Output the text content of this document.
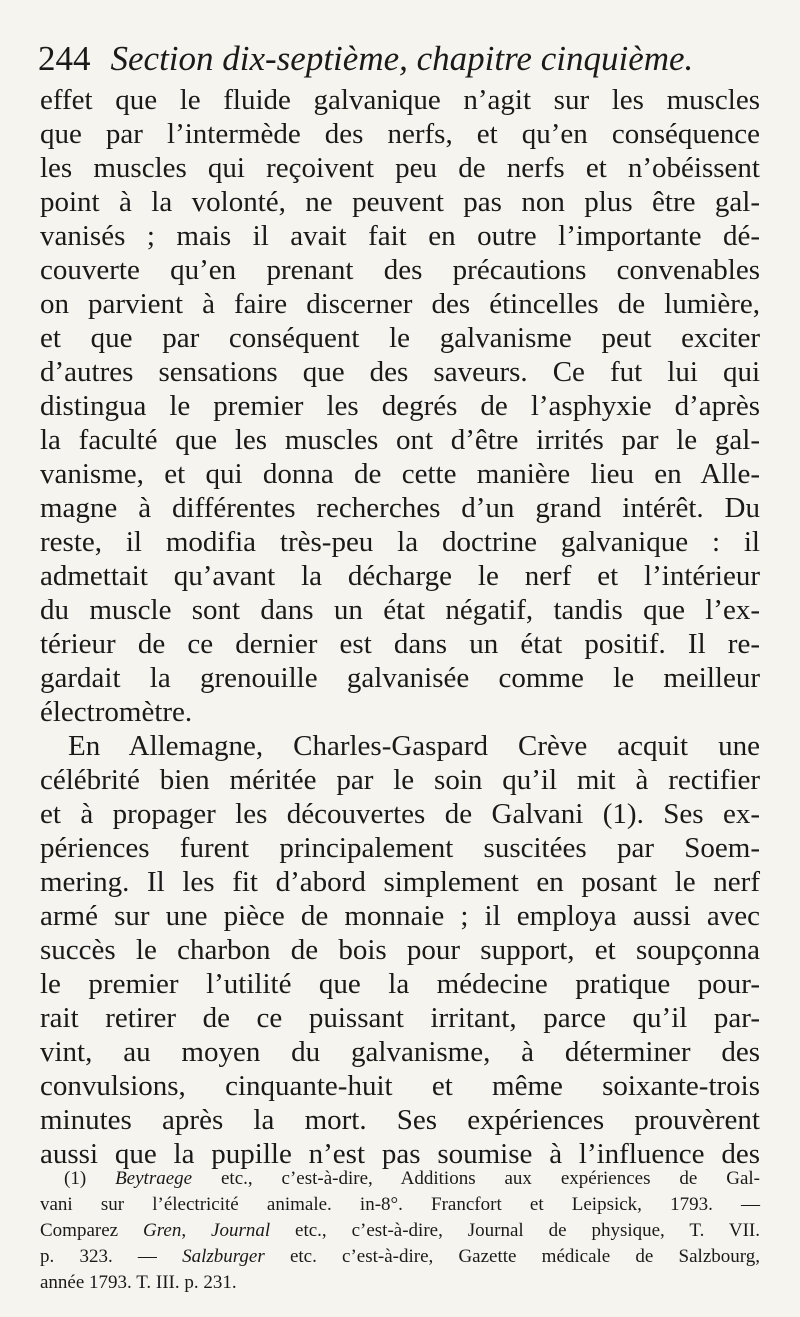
244 Section dix-septième, chapitre cinquième.
effet que le fluide galvanique n’agit sur les muscles
que par l’intermède des nerfs, et qu’en conséquence
les muscles qui reçoivent peu de nerfs et n’obéissent
point à la volonté, ne peuvent pas non plus être gal-
vanisés ; mais il avait fait en outre l’importante dé-
couverte qu’en prenant des précautions convenables
on parvient à faire discerner des étincelles de lumière,
et que par conséquent le galvanisme peut exciter
d’autres sensations que des saveurs. Ce fut lui qui
distingua le premier les degrés de l’asphyxie d’après
la faculté que les muscles ont d’être irrités par le gal-
vanisme, et qui donna de cette manière lieu en Alle-
magne à différentes recherches d’un grand intérêt. Du
reste, il modifia très-peu la doctrine galvanique : il
admettait qu’avant la décharge le nerf et l’intérieur
du muscle sont dans un état négatif, tandis que l’ex-
térieur de ce dernier est dans un état positif. Il re-
gardait la grenouille galvanisée comme le meilleur
électromètre.
En Allemagne, Charles-Gaspard Crève acquit une
célébrité bien méritée par le soin qu’il mit à rectifier
et à propager les découvertes de Galvani (1). Ses ex-
périences furent principalement suscitées par Soem-
mering. Il les fit d’abord simplement en posant le nerf
armé sur une pièce de monnaie ; il employa aussi avec
succès le charbon de bois pour support, et soupçonna
le premier l’utilité que la médecine pratique pour-
rait retirer de ce puissant irritant, parce qu’il par-
vint, au moyen du galvanisme, à déterminer des
convulsions, cinquante-huit et même soixante-trois
minutes après la mort. Ses expériences prouvèrent
aussi que la pupille n’est pas soumise à l’influence des
(1) Beytraege etc., c’est-à-dire, Additions aux expériences de Gal-
vani sur l’électricité animale. in-8°. Francfort et Leipsick, 1793. —
Comparez Gren, Journal etc., c’est-à-dire, Journal de physique, T. VII.
p. 323. — Salzburger etc. c’est-à-dire, Gazette médicale de Salzbourg,
année 1793. T. III. p. 231.
